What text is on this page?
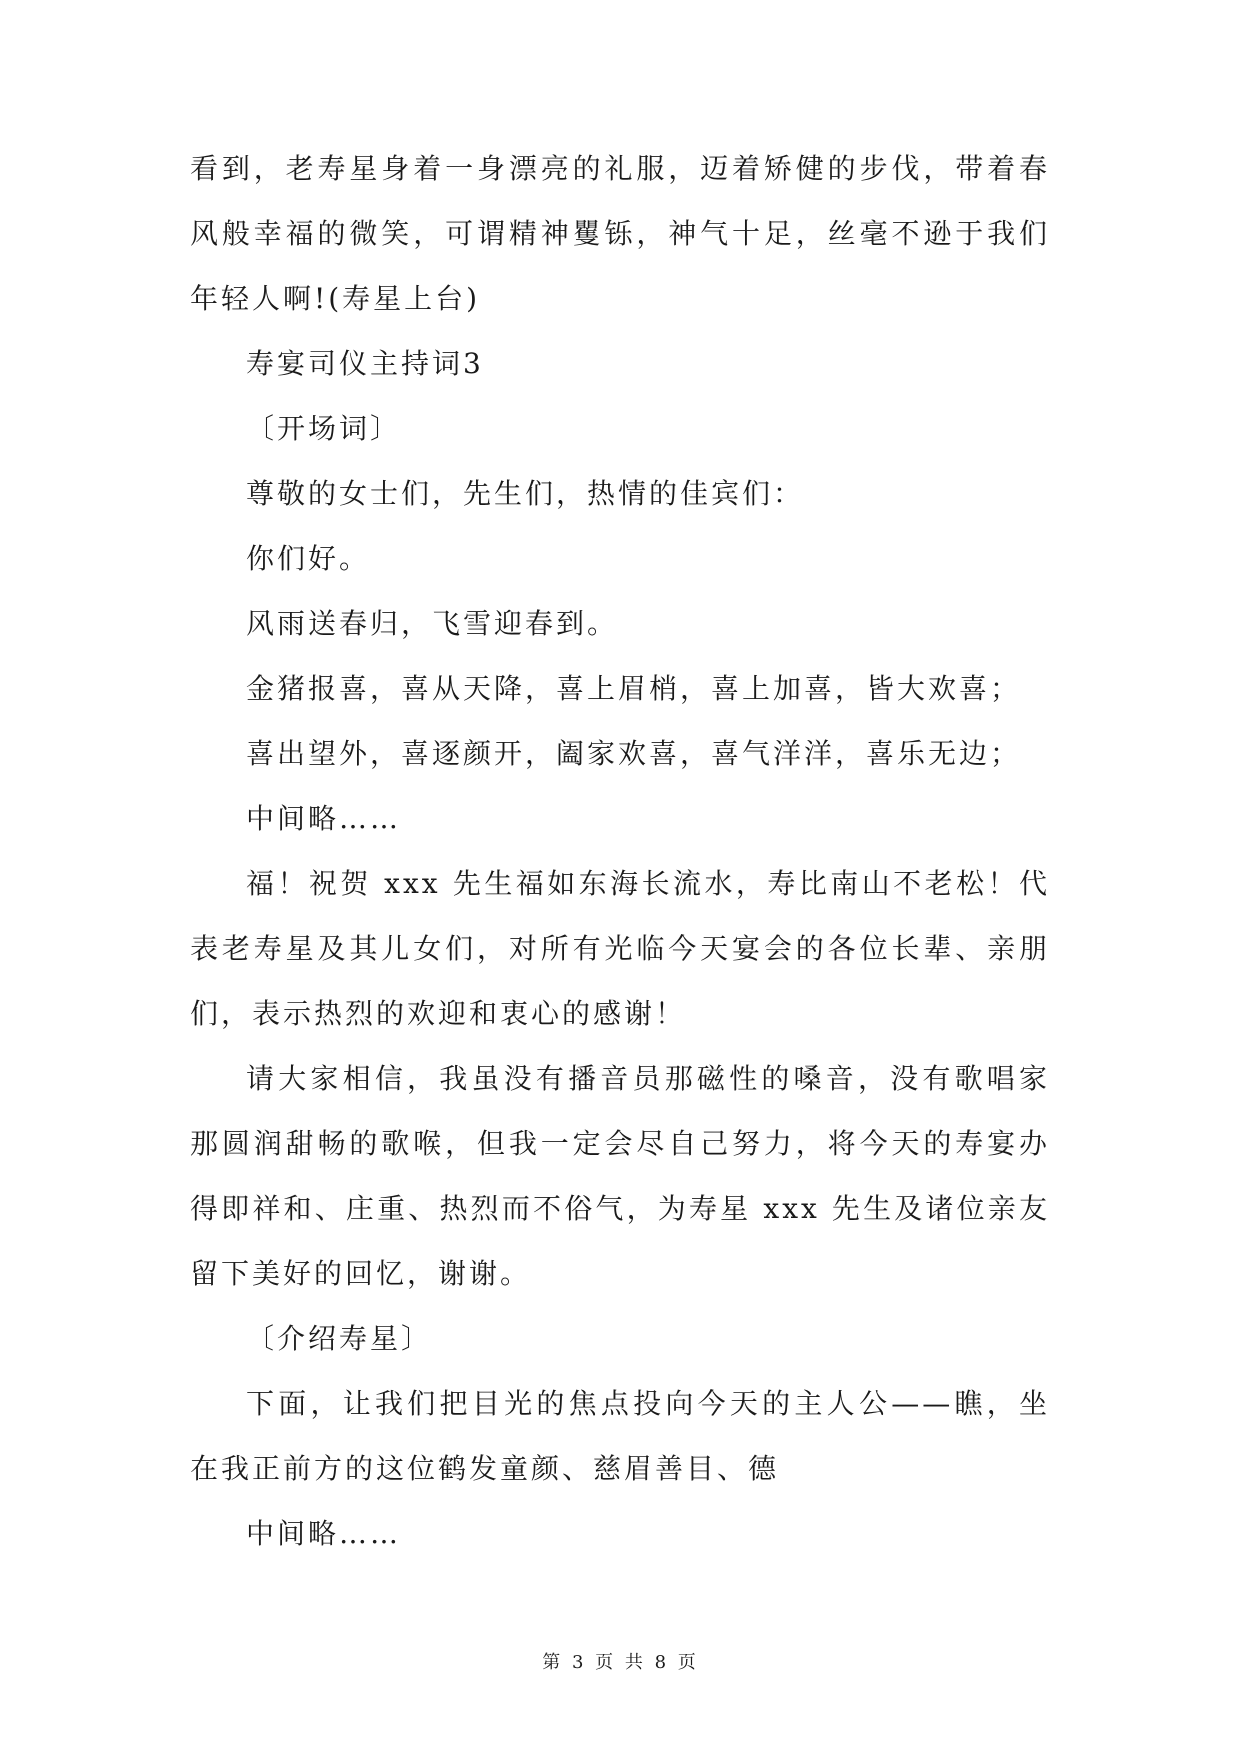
看到，老寿星身着一身漂亮的礼服，迈着矫健的步伐，带着春风般幸福的微笑，可谓精神矍铄，神气十足，丝毫不逊于我们年轻人啊!(寿星上台)

寿宴司仪主持词3

〔开场词〕

尊敬的女士们，先生们，热情的佳宾们：

你们好。

风雨送春归，飞雪迎春到。

金猪报喜，喜从天降，喜上眉梢，喜上加喜，皆大欢喜；

喜出望外，喜逐颜开，阖家欢喜，喜气洋洋，喜乐无边；

中间略……

福！祝贺 xxx 先生福如东海长流水，寿比南山不老松！代表老寿星及其儿女们，对所有光临今天宴会的各位长辈、亲朋们，表示热烈的欢迎和衷心的感谢！

请大家相信，我虽没有播音员那磁性的嗓音，没有歌唱家那圆润甜畅的歌喉，但我一定会尽自己努力，将今天的寿宴办得即祥和、庄重、热烈而不俗气，为寿星 xxx 先生及诸位亲友留下美好的回忆，谢谢。

〔介绍寿星〕

下面，让我们把目光的焦点投向今天的主人公——瞧，坐在我正前方的这位鹤发童颜、慈眉善目、德

中间略……

第 3 页 共 8 页
